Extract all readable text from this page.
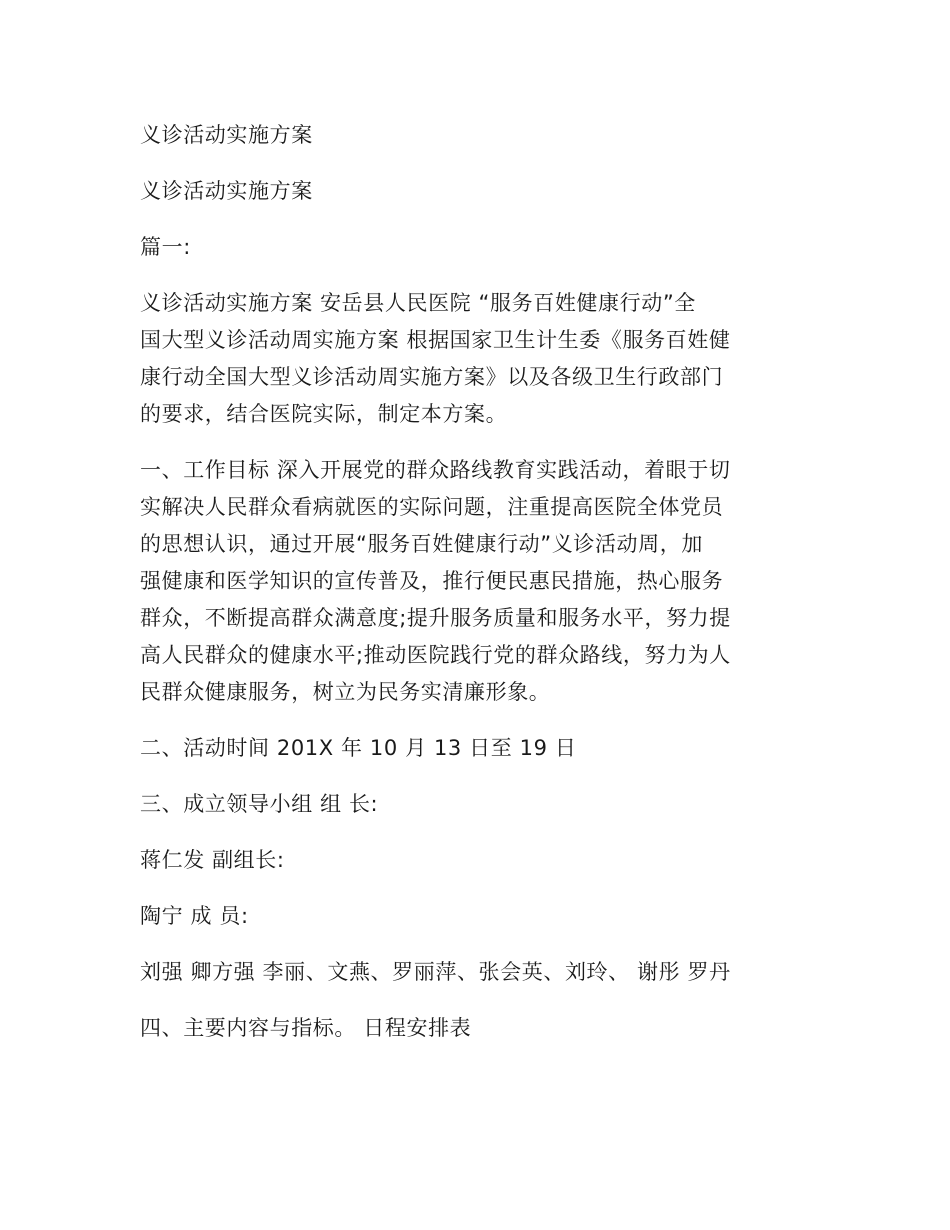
义诊活动实施方案

义诊活动实施方案

篇一:

义诊活动实施方案 安岳县人民医院 “服务百姓健康行动”全
国大型义诊活动周实施方案 根据国家卫生计生委《服务百姓健
康行动全国大型义诊活动周实施方案》以及各级卫生行政部门
的要求，结合医院实际，制定本方案。

一、工作目标 深入开展党的群众路线教育实践活动，着眼于切
实解决人民群众看病就医的实际问题，注重提高医院全体党员
的思想认识，通过开展“服务百姓健康行动”义诊活动周，加
强健康和医学知识的宣传普及，推行便民惠民措施，热心服务
群众，不断提高群众满意度;提升服务质量和服务水平，努力提
高人民群众的健康水平;推动医院践行党的群众路线，努力为人
民群众健康服务，树立为民务实清廉形象。

二、活动时间 201X 年 10 月 13 日至 19 日

三、成立领导小组 组 长:

蒋仁发 副组长:

陶宁 成 员:

刘强 卿方强 李丽、文燕、罗丽萍、张会英、刘玲、 谢彤 罗丹

四、主要内容与指标。 日程安排表
